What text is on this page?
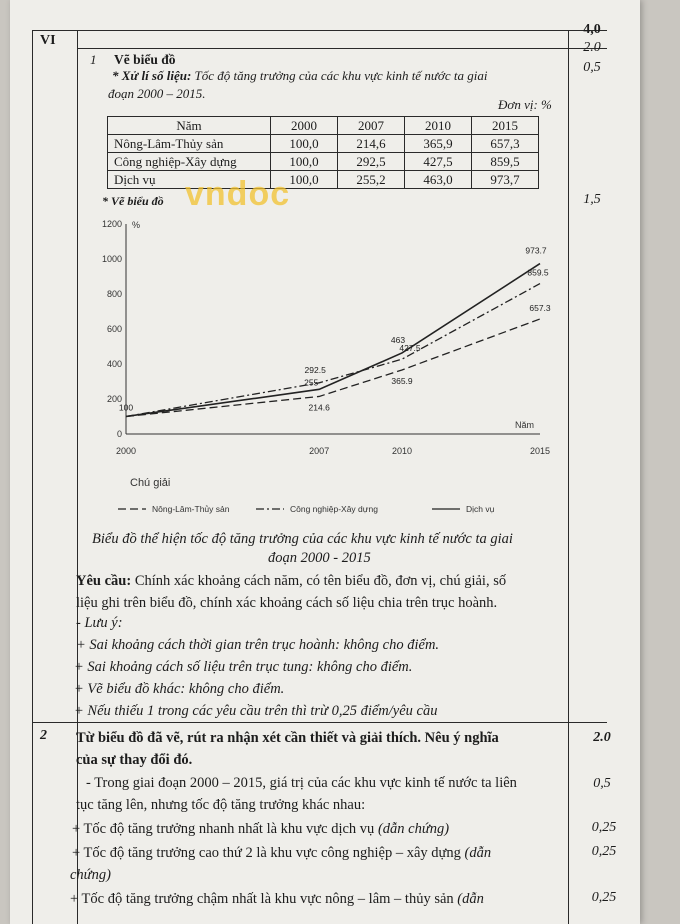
VI
4,0
2.0
0,5
1,5
1 Vẽ biểu đồ
* Xử lí số liệu: Tốc độ tăng trưởng của các khu vực kinh tế nước ta giai
đoạn 2000 – 2015.
Đơn vị: %
Năm	2000	2007	2010	2015
Nông-Lâm-Thủy sản	100,0	214,6	365,9	657,3
Công nghiệp-Xây dựng	100,0	292,5	427,5	859,5
Dịch vụ	100,0	255,2	463,0	973,7
* Vẽ biểu đồ vndoc
0
200
400
600
800
1000
1200 %
2000	2007	2010	2015
Năm
100	214.6
365.9
657.3
292.5
427.5
859.5
255
463
973.7
Chú giải
Nông-Lâm-Thủy sản	Công nghiệp-Xây dựng	Dịch vụ
Biểu đồ thể hiện tốc độ tăng trưởng của các khu vực kinh tế nước ta giai
đoạn 2000 - 2015
Yêu cầu: Chính xác khoảng cách năm, có tên biểu đồ, đơn vị, chú giải, số
liệu ghi trên biểu đồ, chính xác khoảng cách số liệu chia trên trục hoành.
- Lưu ý:
+ Sai khoảng cách thời gian trên trục hoành: không cho điểm.
+ Sai khoảng cách số liệu trên trục tung: không cho điểm.
+ Vẽ biểu đồ khác: không cho điểm.
+ Nếu thiếu 1 trong các yêu cầu trên thì trừ 0,25 điểm/yêu cầu
2 Từ biểu đồ đã vẽ, rút ra nhận xét cần thiết và giải thích. Nêu ý nghĩa
của sự thay đổi đó.
2.0
- Trong giai đoạn 2000 – 2015, giá trị của các khu vực kinh tế nước ta liên
tục tăng lên, nhưng tốc độ tăng trưởng khác nhau:
0,5
+ Tốc độ tăng trưởng nhanh nhất là khu vực dịch vụ (dẫn chứng)	0,25
+ Tốc độ tăng trưởng cao thứ 2 là khu vực công nghiệp – xây dựng (dẫn
chứng)
0,25
+ Tốc độ tăng trưởng chậm nhất là khu vực nông – lâm – thủy sản (dẫn	0,25
